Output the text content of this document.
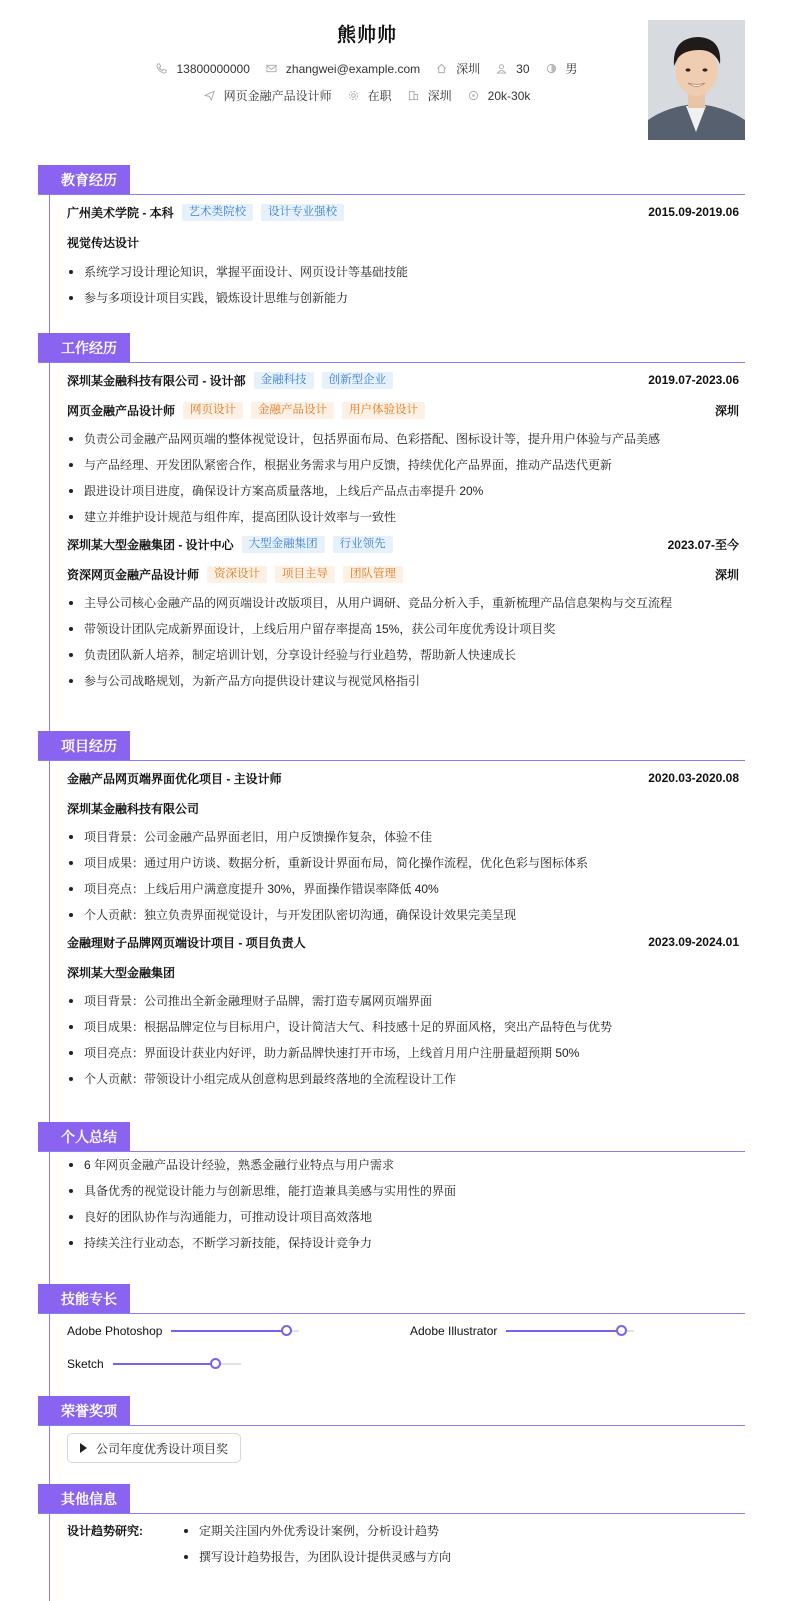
熊帅帅
13800000000	zhangwei@example.com	深圳	30	男
网页金融产品设计师	在职	深圳	20k-30k
教育经历
广州美术学院 - 本科	艺术类院校	设计专业强校	2015.09-2019.06
视觉传达设计
系统学习设计理论知识，掌握平面设计、网页设计等基础技能
参与多项设计项目实践，锻炼设计思维与创新能力
工作经历
深圳某金融科技有限公司 - 设计部	金融科技	创新型企业	2019.07-2023.06
网页金融产品设计师	网页设计	金融产品设计	用户体验设计	深圳
负责公司金融产品网页端的整体视觉设计，包括界面布局、色彩搭配、图标设计等，提升用户体验与产品美感
与产品经理、开发团队紧密合作，根据业务需求与用户反馈，持续优化产品界面，推动产品迭代更新
跟进设计项目进度，确保设计方案高质量落地，上线后产品点击率提升 20%
建立并维护设计规范与组件库，提高团队设计效率与一致性
深圳某大型金融集团 - 设计中心	大型金融集团	行业领先	2023.07-至今
资深网页金融产品设计师	资深设计	项目主导	团队管理	深圳
主导公司核心金融产品的网页端设计改版项目，从用户调研、竞品分析入手，重新梳理产品信息架构与交互流程
带领设计团队完成新界面设计，上线后用户留存率提高 15%，获公司年度优秀设计项目奖
负责团队新人培养，制定培训计划，分享设计经验与行业趋势，帮助新人快速成长
参与公司战略规划，为新产品方向提供设计建议与视觉风格指引
项目经历
金融产品网页端界面优化项目 - 主设计师	2020.03-2020.08
深圳某金融科技有限公司
项目背景：公司金融产品界面老旧，用户反馈操作复杂，体验不佳
项目成果：通过用户访谈、数据分析，重新设计界面布局，简化操作流程，优化色彩与图标体系
项目亮点：上线后用户满意度提升 30%，界面操作错误率降低 40%
个人贡献：独立负责界面视觉设计，与开发团队密切沟通，确保设计效果完美呈现
金融理财子品牌网页端设计项目 - 项目负责人	2023.09-2024.01
深圳某大型金融集团
项目背景：公司推出全新金融理财子品牌，需打造专属网页端界面
项目成果：根据品牌定位与目标用户，设计简洁大气、科技感十足的界面风格，突出产品特色与优势
项目亮点：界面设计获业内好评，助力新品牌快速打开市场，上线首月用户注册量超预期 50%
个人贡献：带领设计小组完成从创意构思到最终落地的全流程设计工作
个人总结
6 年网页金融产品设计经验，熟悉金融行业特点与用户需求
具备优秀的视觉设计能力与创新思维，能打造兼具美感与实用性的界面
良好的团队协作与沟通能力，可推动设计项目高效落地
持续关注行业动态，不断学习新技能，保持设计竞争力
技能专长
Adobe Photoshop	Adobe Illustrator
Sketch
荣誉奖项
公司年度优秀设计项目奖
其他信息
设计趋势研究:	定期关注国内外优秀设计案例，分析设计趋势
撰写设计趋势报告，为团队设计提供灵感与方向
